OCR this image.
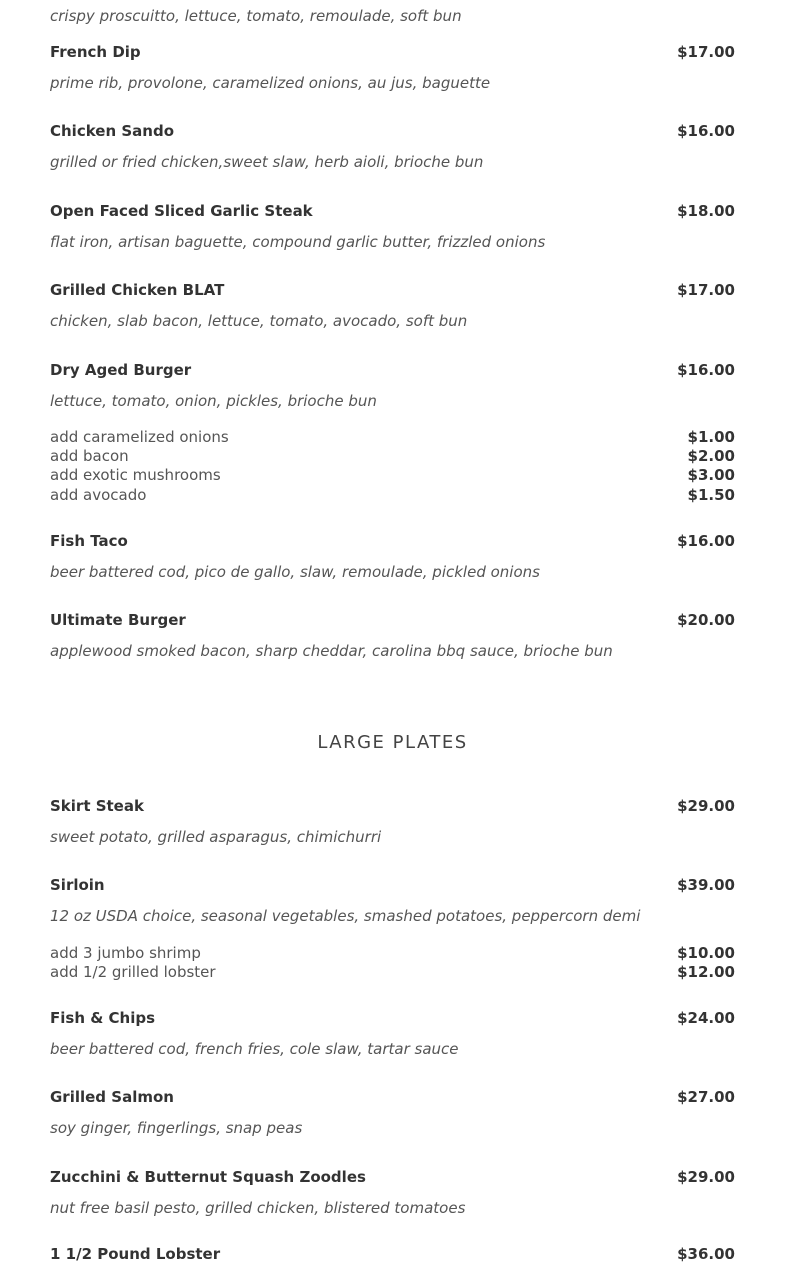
crispy proscuitto, lettuce, tomato, remoulade, soft bun
French Dip	$17.00
prime rib, provolone, caramelized onions, au jus, baguette
Chicken Sando	$16.00
grilled or fried chicken,sweet slaw, herb aioli, brioche bun
Open Faced Sliced Garlic Steak	$18.00
flat iron, artisan baguette, compound garlic butter, frizzled onions
Grilled Chicken BLAT	$17.00
chicken, slab bacon, lettuce, tomato, avocado, soft bun
Dry Aged Burger	$16.00
lettuce, tomato, onion, pickles, brioche bun
add caramelized onions	$1.00
add bacon	$2.00
add exotic mushrooms	$3.00
add avocado	$1.50
Fish Taco	$16.00
beer battered cod, pico de gallo, slaw, remoulade, pickled onions
Ultimate Burger	$20.00
applewood smoked bacon, sharp cheddar, carolina bbq sauce, brioche bun
LARGE PLATES
Skirt Steak	$29.00
sweet potato, grilled asparagus, chimichurri
Sirloin	$39.00
12 oz USDA choice, seasonal vegetables, smashed potatoes, peppercorn demi
add 3 jumbo shrimp	$10.00
add 1/2 grilled lobster	$12.00
Fish & Chips	$24.00
beer battered cod, french fries, cole slaw, tartar sauce
Grilled Salmon	$27.00
soy ginger, fingerlings, snap peas
Zucchini & Butternut Squash Zoodles	$29.00
nut free basil pesto, grilled chicken, blistered tomatoes
1 1/2 Pound Lobster	$36.00
